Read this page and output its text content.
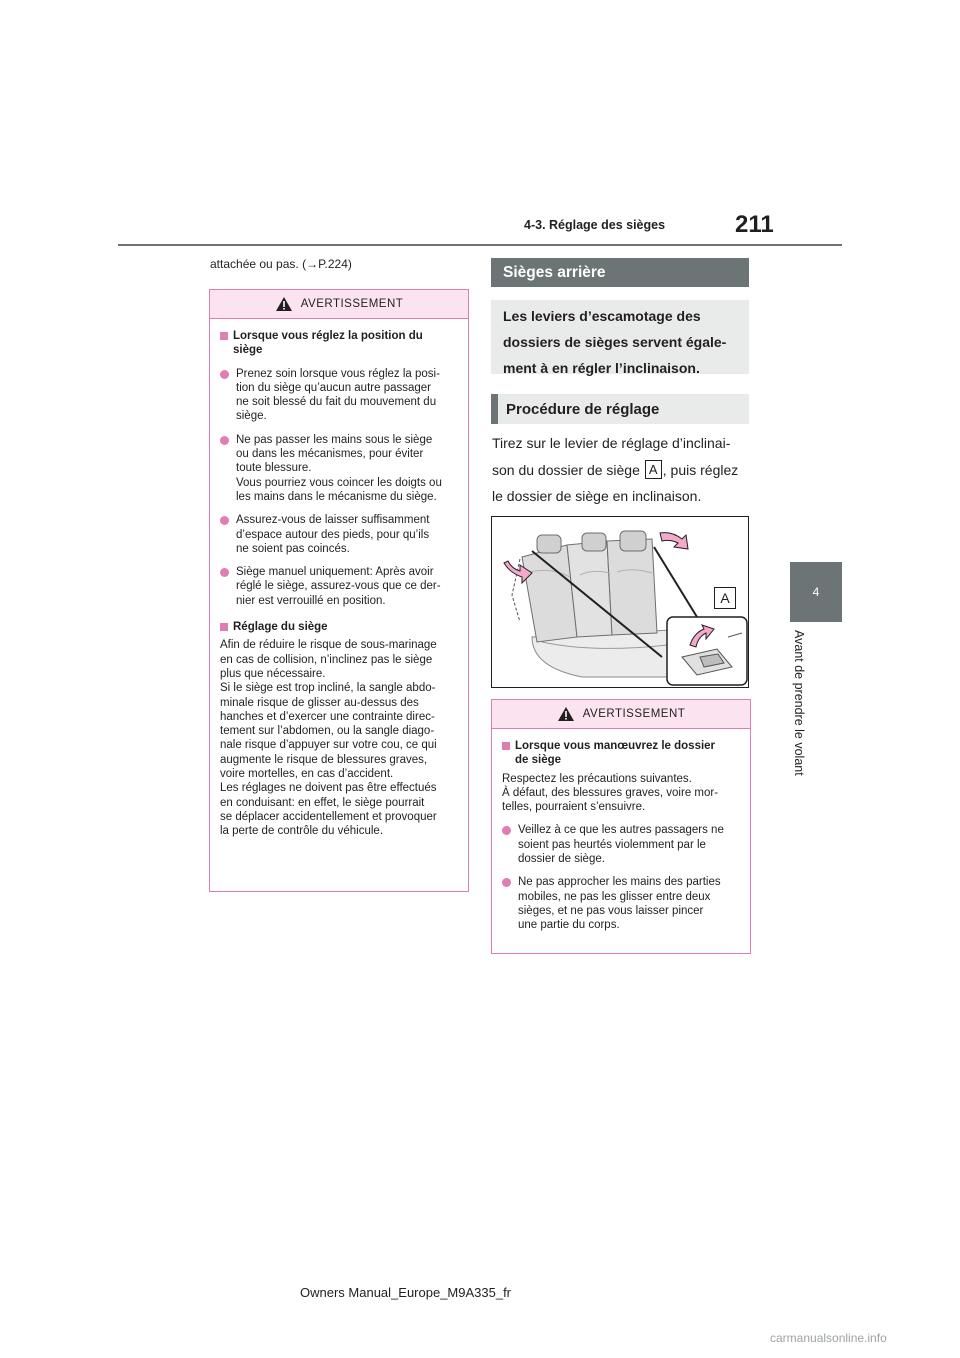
4-3. Réglage des sièges	211
4
Avant de prendre le volant
attachée ou pas. (→P.224)
AVERTISSEMENT
Lorsque vous réglez la position du
siège
Prenez soin lorsque vous réglez la posi-
tion du siège qu’aucun autre passager
ne soit blessé du fait du mouvement du
siège.
Ne pas passer les mains sous le siège
ou dans les mécanismes, pour éviter
toute blessure.
Vous pourriez vous coincer les doigts ou
les mains dans le mécanisme du siège.
Assurez-vous de laisser suffisamment
d’espace autour des pieds, pour qu’ils
ne soient pas coincés.
Siège manuel uniquement: Après avoir
réglé le siège, assurez-vous que ce der-
nier est verrouillé en position.
Réglage du siège
Afin de réduire le risque de sous-marinage
en cas de collision, n’inclinez pas le siège
plus que nécessaire.
Si le siège est trop incliné, la sangle abdo-
minale risque de glisser au-dessus des
hanches et d’exercer une contrainte direc-
tement sur l’abdomen, ou la sangle diago-
nale risque d’appuyer sur votre cou, ce qui
augmente le risque de blessures graves,
voire mortelles, en cas d’accident.
Les réglages ne doivent pas être effectués
en conduisant: en effet, le siège pourrait
se déplacer accidentellement et provoquer
la perte de contrôle du véhicule.
Sièges arrière
Les leviers d’escamotage des
dossiers de sièges servent égale-
ment à en régler l’inclinaison.
Procédure de réglage
Tirez sur le levier de réglage d’inclinai-
son du dossier de siège A , puis réglez
le dossier de siège en inclinaison.
A
AVERTISSEMENT
Lorsque vous manœuvrez le dossier
de siège
Respectez les précautions suivantes.
À défaut, des blessures graves, voire mor-
telles, pourraient s’ensuivre.
Veillez à ce que les autres passagers ne
soient pas heurtés violemment par le
dossier de siège.
Ne pas approcher les mains des parties
mobiles, ne pas les glisser entre deux
sièges, et ne pas vous laisser pincer
une partie du corps.
Owners Manual_Europe_M9A335_fr
carmanualsonline.info
